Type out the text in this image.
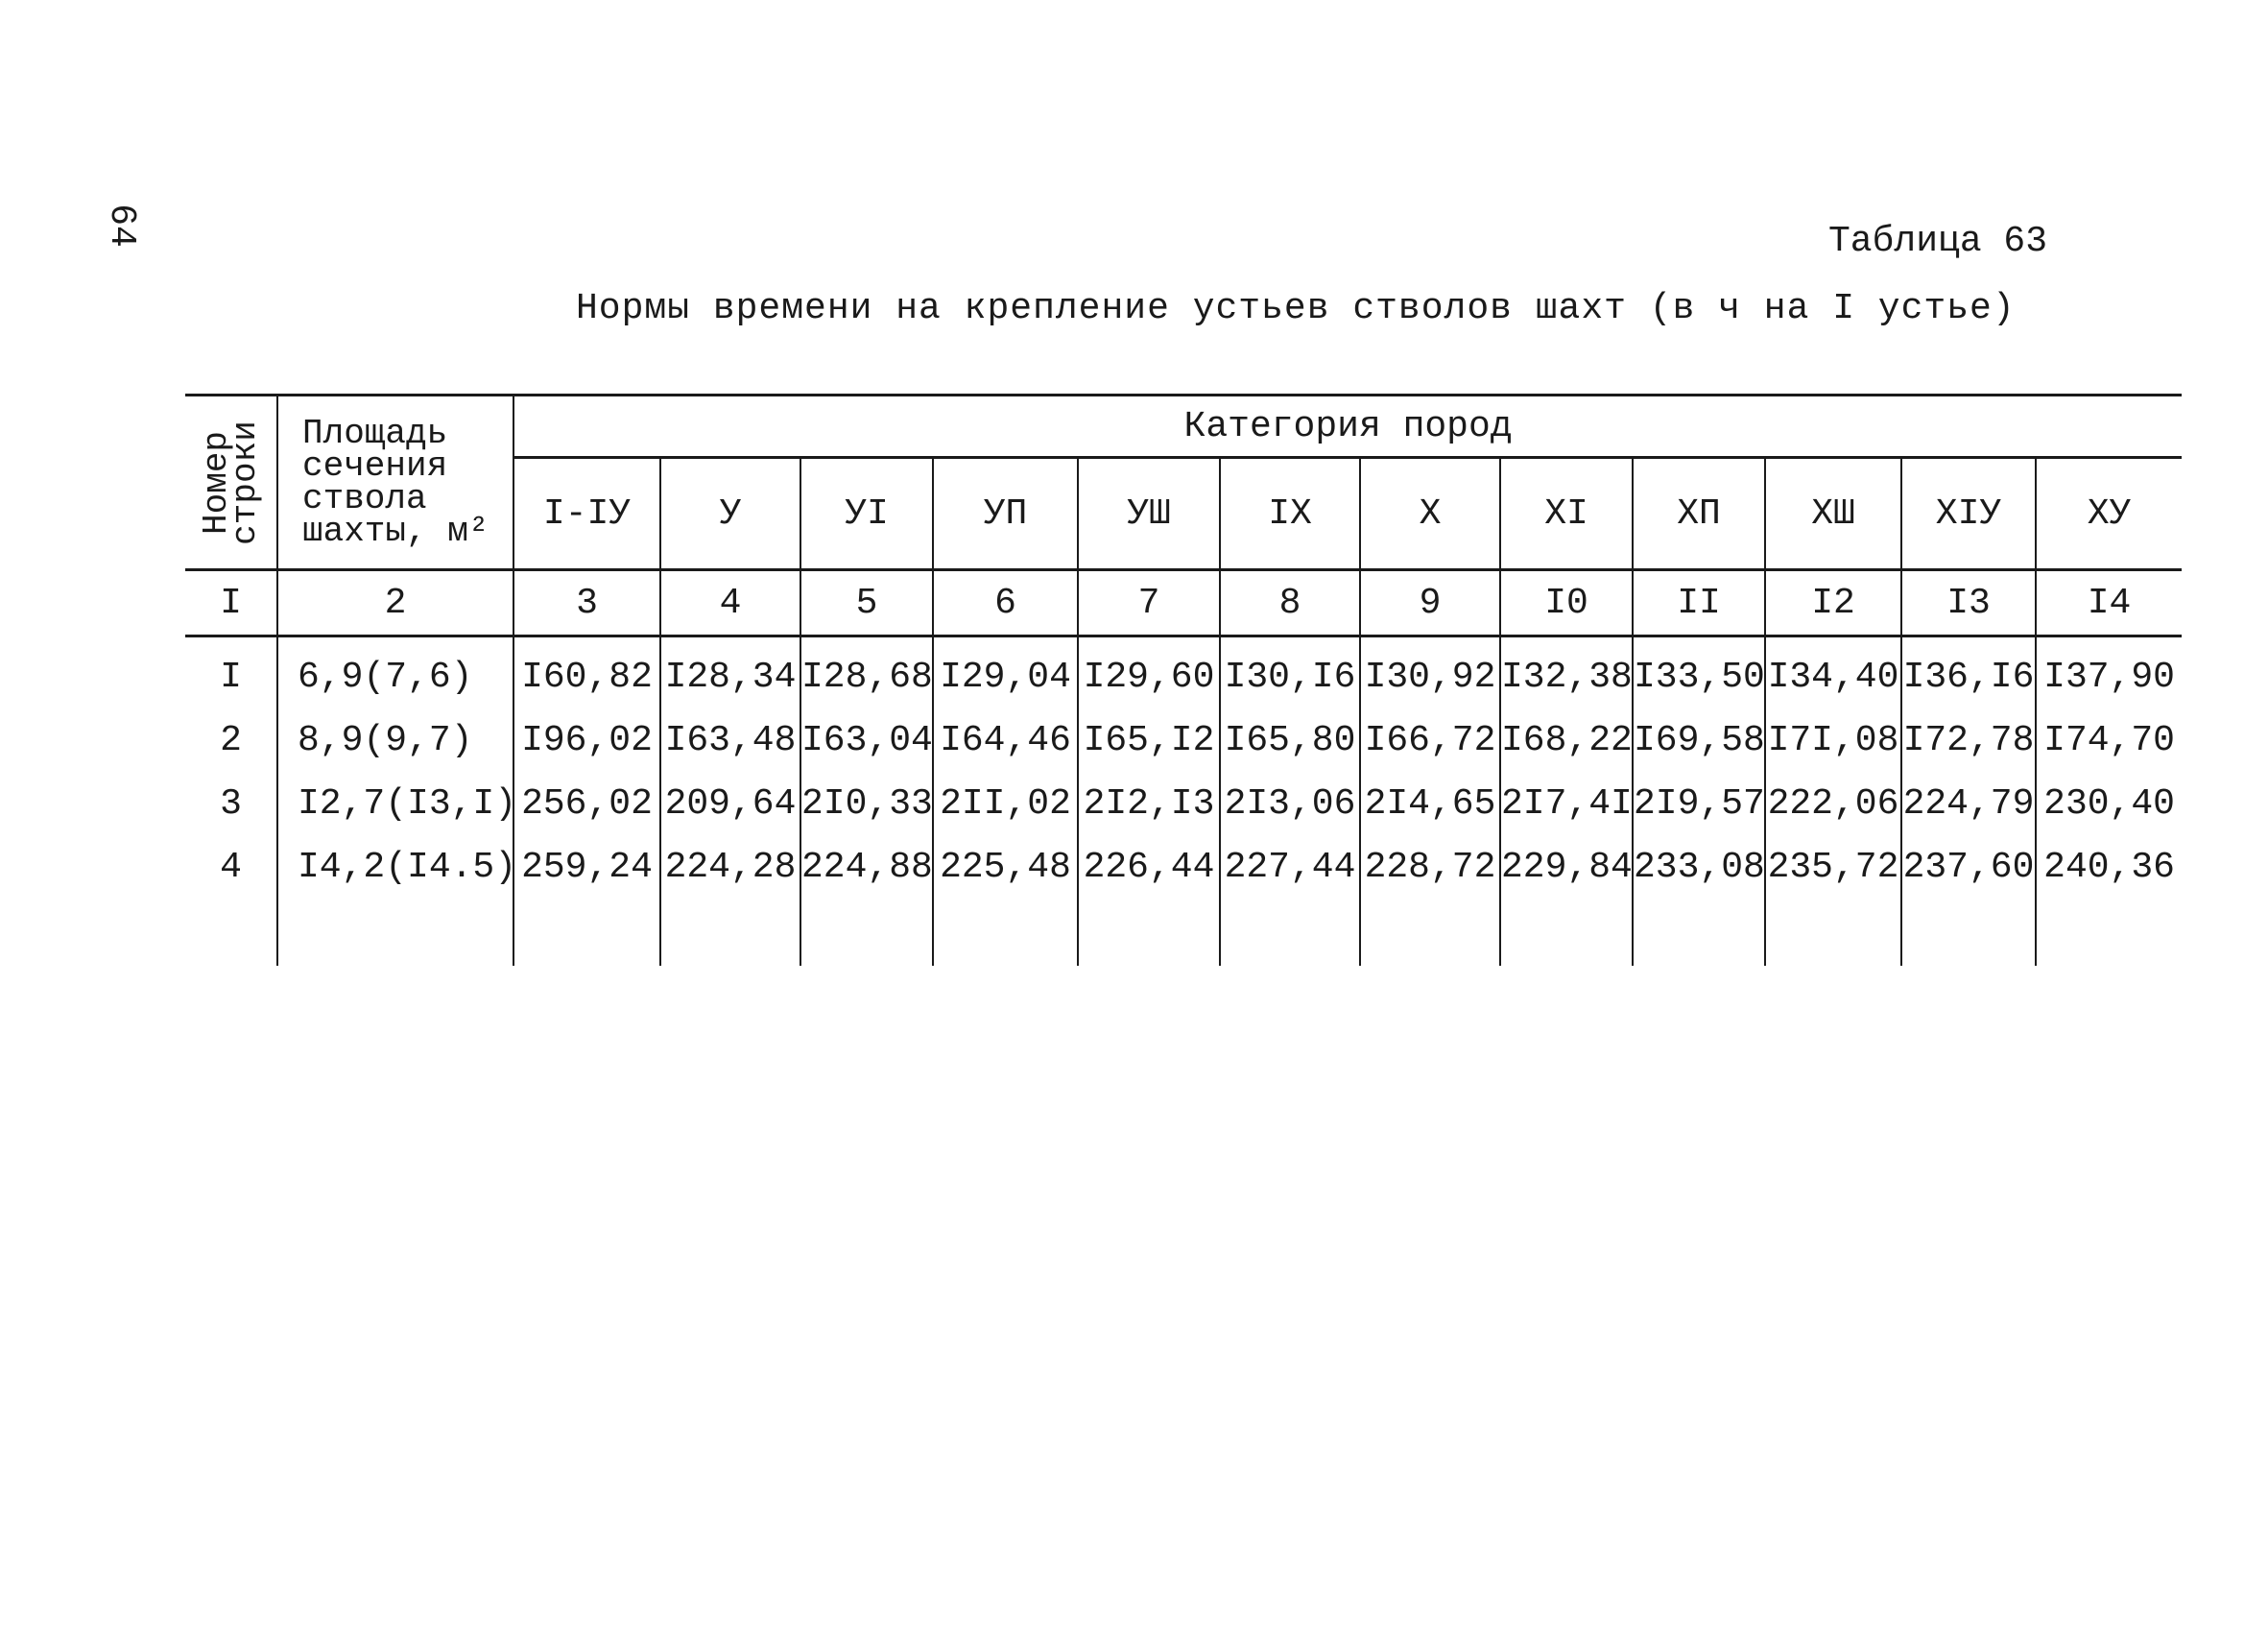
64	Таблица 63
Нормы времени на крепление устьев стволов шахт (в ч на I устье)
Номер
строки	Площадь сечения ствола шахты, м²	Категория пород											
		I-IУ	У	УI	УП	УШ	IX	X	XI	XП	XШ	XIУ	XУ
I	2	3	4	5	6	7	8	9	I0	II	I2	I3	I4
I	6,9(7,6)	I60,82	I28,34	I28,68	I29,04	I29,60	I30,I6	I30,92	I32,38	I33,50	I34,40	I36,I6	I37,90
2	8,9(9,7)	I96,02	I63,48	I63,04	I64,46	I65,I2	I65,80	I66,72	I68,22	I69,58	I7I,08	I72,78	I74,70
3	I2,7(I3,I)	256,02	209,64	2I0,33	2II,02	2I2,I3	2I3,06	2I4,65	2I7,4I	2I9,57	222,06	224,79	230,40
4	I4,2(I4.5)	259,24	224,28	224,88	225,48	226,44	227,44	228,72	229,84	233,08	235,72	237,60	240,36
